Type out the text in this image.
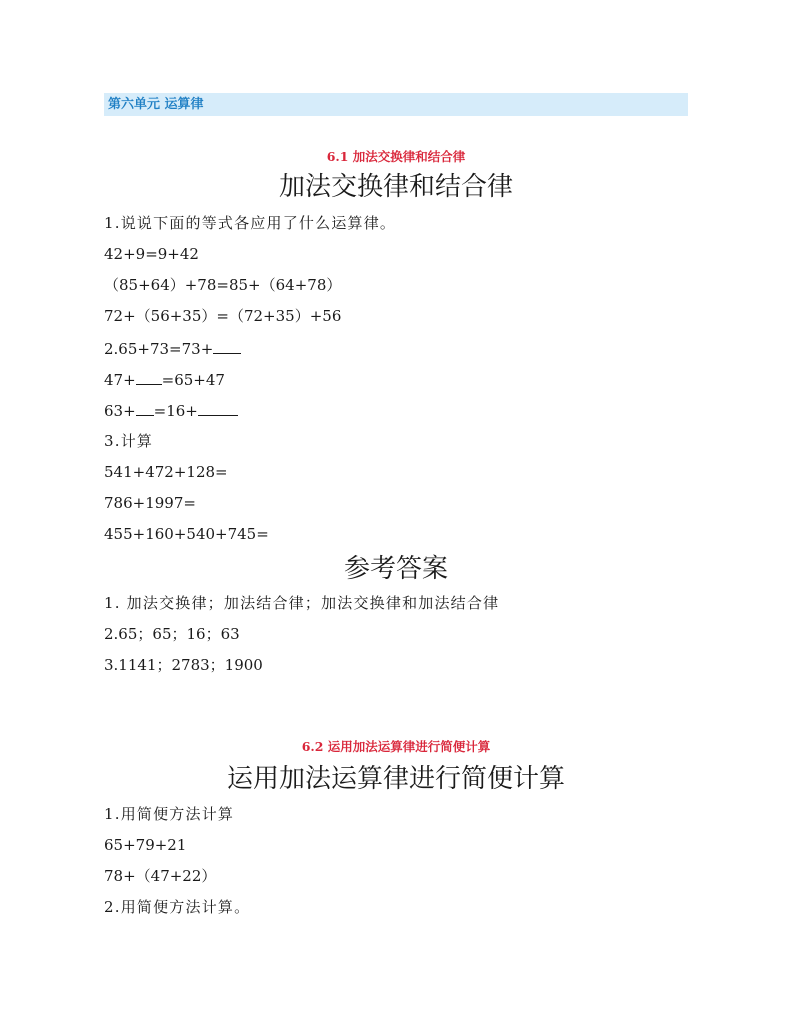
第六单元 运算律
6.1 加法交换律和结合律
加法交换律和结合律
1.说说下面的等式各应用了什么运算律。
42+9=9+42
（85+64）+78=85+（64+78）
72+（56+35）=（72+35）+56
2.65+73=73+
47+ =65+47
63+ =16+
3.计算
541+472+128=
786+1997=
455+160+540+745=
参考答案
1. 加法交换律；加法结合律；加法交换律和加法结合律
2.65；65；16；63
3.1141；2783；1900
6.2 运用加法运算律进行简便计算
运用加法运算律进行简便计算
1.用简便方法计算
65+79+21
78+（47+22）
2.用简便方法计算。
